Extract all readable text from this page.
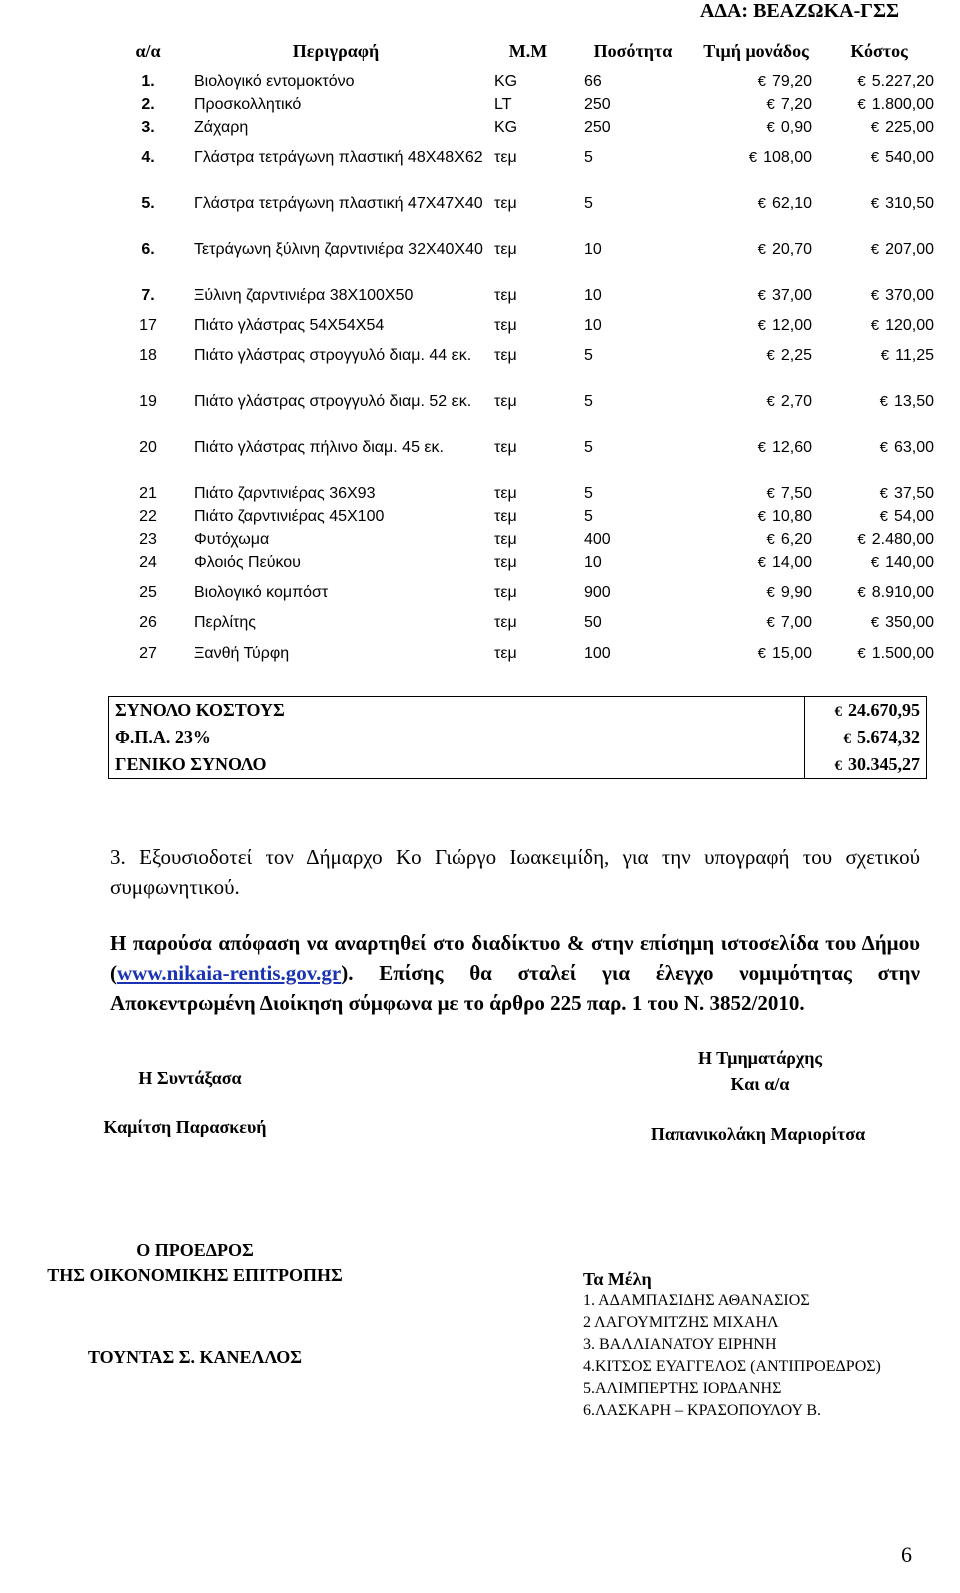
ΑΔΑ: ΒΕΑΖΩΚΑ-ΓΣΣ
α/α	Περιγραφή	Μ.Μ	Ποσότητα	Τιμή μονάδος	Κόστος
1.	Βιολογικό εντομοκτόνο	KG	66	€ 79,20	€ 5.227,20
2.	Προσκολλητικό	LT	250	€ 7,20	€ 1.800,00
3.	Ζάχαρη	KG	250	€ 0,90	€ 225,00
4.	Γλάστρα τετράγωνη πλαστική 48Χ48Χ62	τεμ	5	€ 108,00	€ 540,00
5.	Γλάστρα τετράγωνη πλαστική 47Χ47Χ40	τεμ	5	€ 62,10	€ 310,50
6.	Τετράγωνη ξύλινη ζαρντινιέρα 32Χ40Χ40	τεμ	10	€ 20,70	€ 207,00
7.	Ξύλινη ζαρντινιέρα 38Χ100Χ50	τεμ	10	€ 37,00	€ 370,00
17	Πιάτο γλάστρας 54Χ54Χ54	τεμ	10	€ 12,00	€ 120,00
18	Πιάτο γλάστρας στρογγυλό διαμ. 44 εκ.	τεμ	5	€ 2,25	€ 11,25
19	Πιάτο γλάστρας στρογγυλό διαμ. 52 εκ.	τεμ	5	€ 2,70	€ 13,50
20	Πιάτο γλάστρας πήλινο διαμ. 45 εκ.	τεμ	5	€ 12,60	€ 63,00
21	Πιάτο ζαρντινιέρας 36Χ93	τεμ	5	€ 7,50	€ 37,50
22	Πιάτο ζαρντινιέρας 45Χ100	τεμ	5	€ 10,80	€ 54,00
23	Φυτόχωμα	τεμ	400	€ 6,20	€ 2.480,00
24	Φλοιός Πεύκου	τεμ	10	€ 14,00	€ 140,00
25	Βιολογικό κομπόστ	τεμ	900	€ 9,90	€ 8.910,00
26	Περλίτης	τεμ	50	€ 7,00	€ 350,00
27	Ξανθή Τύρφη	τεμ	100	€ 15,00	€ 1.500,00
ΣΥΝΟΛΟ ΚΟΣΤΟΥΣ	€ 24.670,95
Φ.Π.Α. 23%	€ 5.674,32
ΓΕΝΙΚΟ ΣΥΝΟΛΟ	€ 30.345,27
3. Εξουσιοδοτεί τον Δήμαρχο Κο Γιώργο Ιωακειμίδη, για την υπογραφή του σχετικού συμφωνητικού.
Η παρούσα απόφαση να αναρτηθεί στο διαδίκτυο & στην επίσημη ιστοσελίδα του Δήμου (www.nikaia-rentis.gov.gr). Επίσης θα σταλεί για έλεγχο νομιμότητας στην Αποκεντρωμένη Διοίκηση σύμφωνα με το άρθρο 225 παρ. 1 του Ν. 3852/2010.
Η Συντάξασα
Καμίτση Παρασκευή
Η Τμηματάρχης
Και α/α
Παπανικολάκη Μαριορίτσα
Ο ΠΡΟΕΔΡΟΣ
ΤΗΣ ΟΙΚΟΝΟΜΙΚΗΣ ΕΠΙΤΡΟΠΗΣ
ΤΟΥΝΤΑΣ Σ. ΚΑΝΕΛΛΟΣ
Τα Μέλη
1. ΑΔΑΜΠΑΣΙΔΗΣ ΑΘΑΝΑΣΙΟΣ
2 ΛΑΓΟΥΜΙΤΖΗΣ ΜΙΧΑΗΛ
3. ΒΑΛΛΙΑΝΑΤΟΥ ΕΙΡΗΝΗ
4.ΚΙΤΣΟΣ ΕΥΑΓΓΕΛΟΣ (ΑΝΤΙΠΡΟΕΔΡΟΣ)
5.ΑΛΙΜΠΕΡΤΗΣ ΙΟΡΔΑΝΗΣ
6.ΛΑΣΚΑΡΗ – ΚΡΑΣΟΠΟΥΛΟΥ Β.
6
